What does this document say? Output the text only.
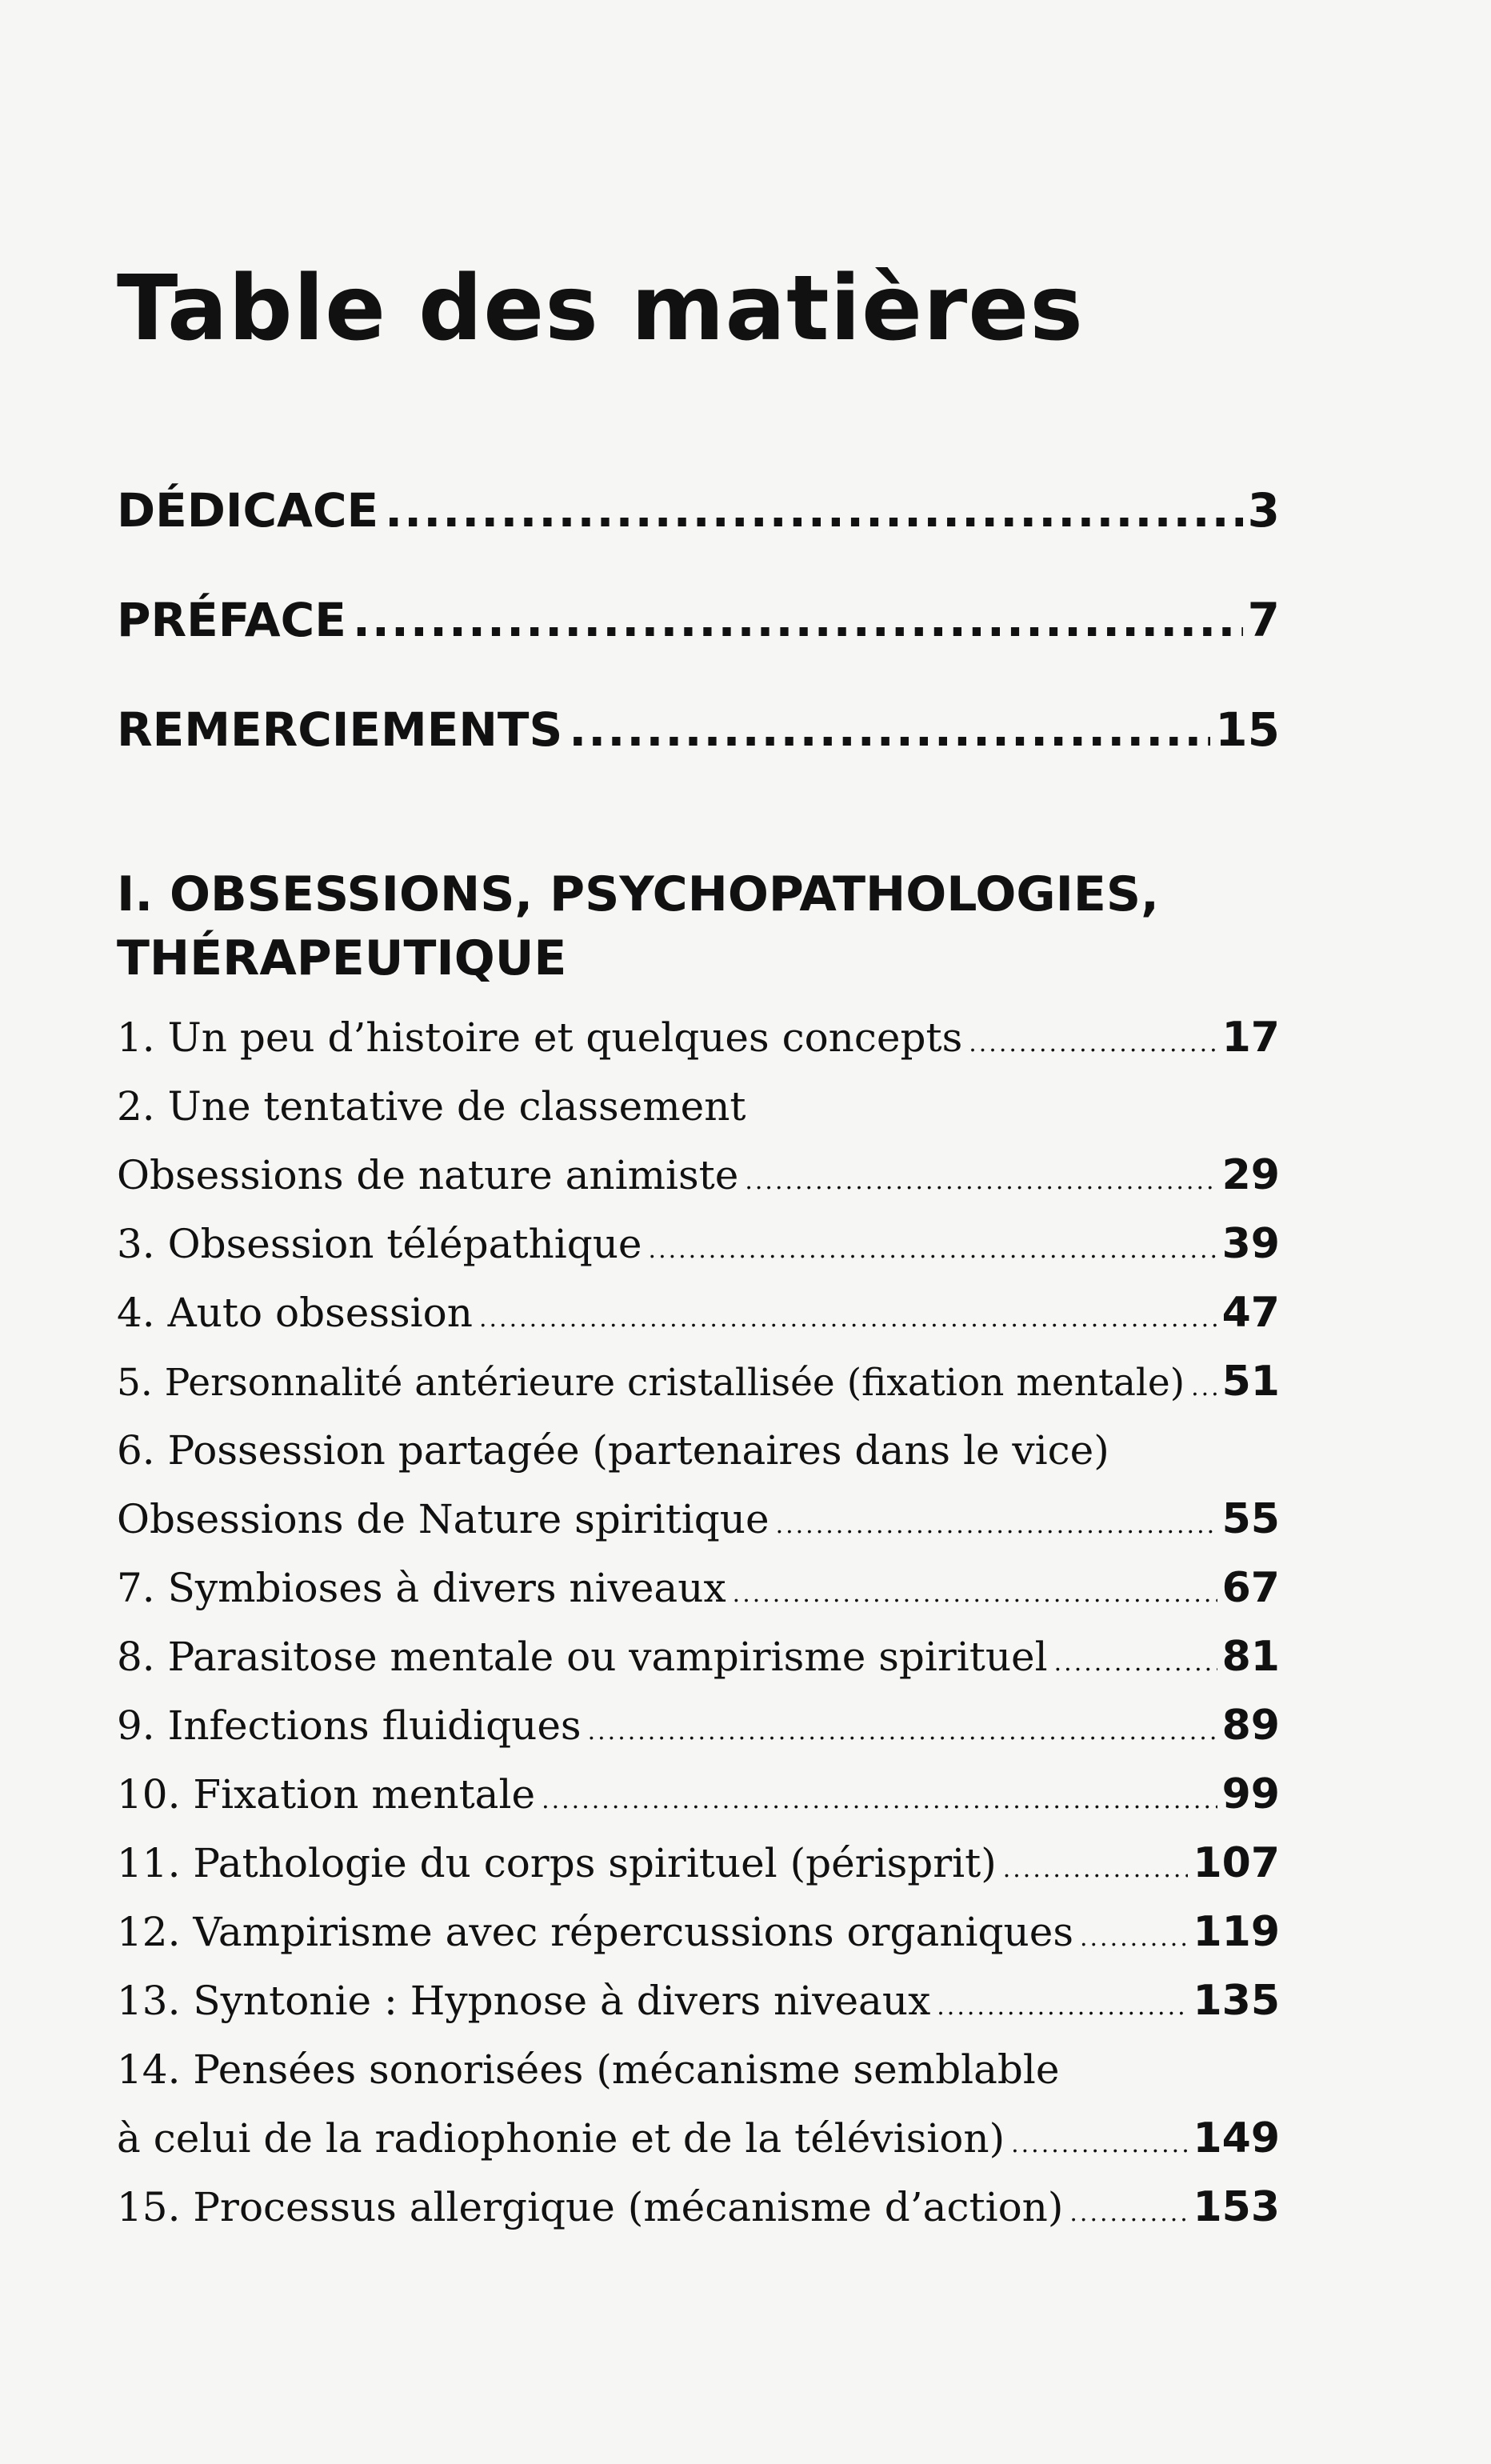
Table des matières
DÉDICACE .....	3
PRÉFACE .....	7
REMERCIEMENTS .....	15
I. OBSESSIONS, PSYCHOPATHOLOGIES,
THÉRAPEUTIQUE
1. Un peu d’histoire et quelques concepts .....	17
2. Une tentative de classement
Obsessions de nature animiste .....	29
3. Obsession télépathique .....	39
4. Auto obsession .....	47
5. Personnalité antérieure cristallisée (fixation mentale) ..... 51
6. Possession partagée (partenaires dans le vice)
Obsessions de Nature spiritique .....	55
7. Symbioses à divers niveaux .....	67
8. Parasitose mentale ou vampirisme spirituel .....	81
9. Infections fluidiques .....	89
10. Fixation mentale .....	99
11. Pathologie du corps spirituel (périsprit) .....	107
12. Vampirisme avec répercussions organiques .....	119
13. Syntonie : Hypnose à divers niveaux .....	135
14. Pensées sonorisées (mécanisme semblable
à celui de la radiophonie et de la télévision) .....	149
15. Processus allergique (mécanisme d’action) .....	153
